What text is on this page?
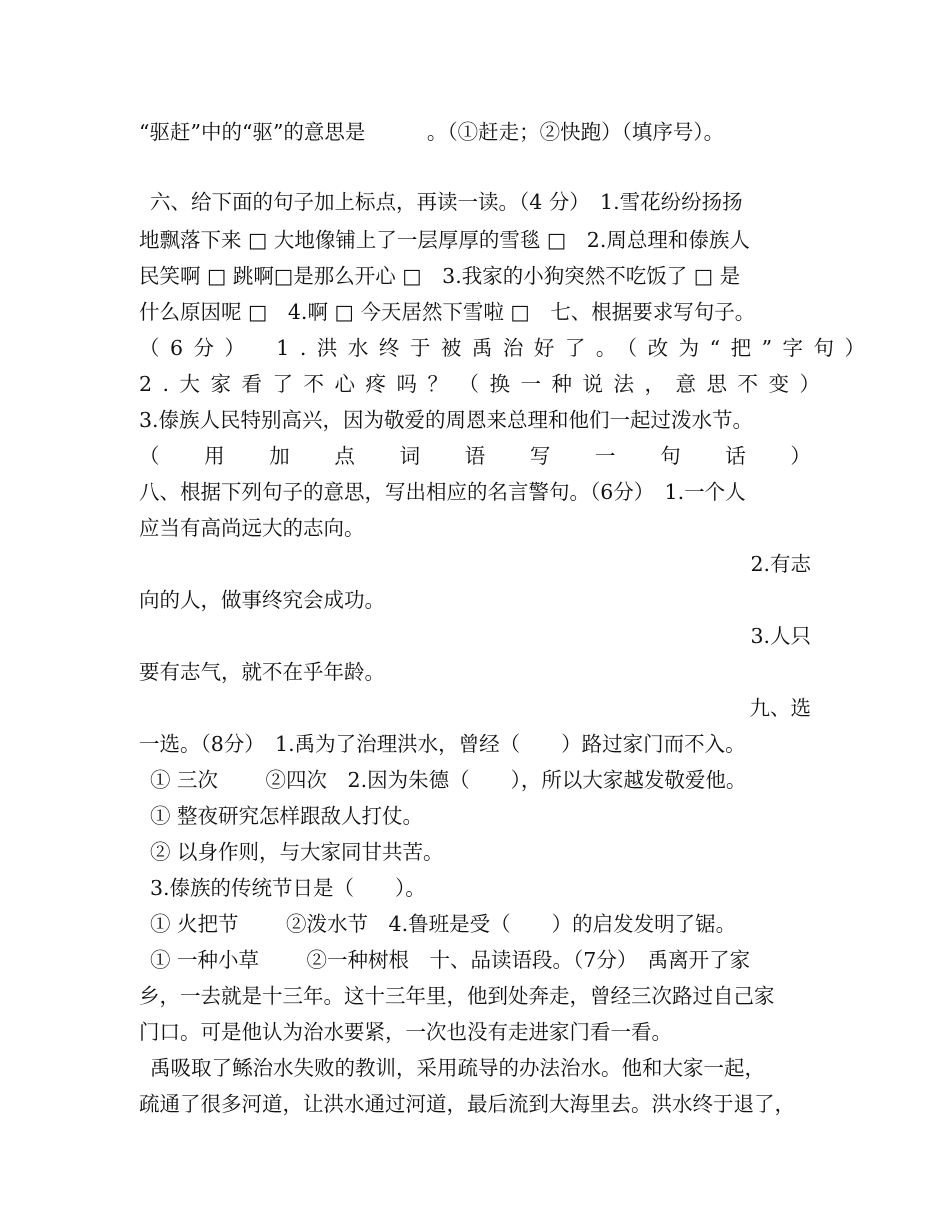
“驱赶”中的“驱”的意思是　　　。（①赶走；②快跑）（填序号）。
六、给下面的句子加上标点，再读一读。（4 分）　1.雪花纷纷扬扬
地飘落下来 □ 大地像铺上了一层厚厚的雪毯 □　2.周总理和傣族人
民笑啊 □ 跳啊□是那么开心 □　3.我家的小狗突然不吃饭了 □ 是
什么原因呢 □　4.啊 □ 今天居然下雪啦 □　七、根据要求写句子。
（6分）　1.洪水终于被禹治好了。（改为“把”字句）
2.大家看了不心疼吗？（换一种说法，意思不变）
3.傣族人民特别高兴，因为敬爱的周恩来总理和他们一起过泼水节。
（ 用 加 点 词 语 写 一 句 话 ）
八、根据下列句子的意思，写出相应的名言警句。（6分）　1.一个人
应当有高尚远大的志向。
2.有志
向的人，做事终究会成功。
3.人只
要有志气，就不在乎年龄。
九、选
一选。（8分）　1.禹为了治理洪水，曾经（　　）路过家门而不入。
① 三次　　 ②四次　2.因为朱德（　　），所以大家越发敬爱他。
① 整夜研究怎样跟敌人打仗。
② 以身作则，与大家同甘共苦。
3.傣族的传统节日是（　　）。
① 火把节　　 ②泼水节　4.鲁班是受（　　）的启发发明了锯。
① 一种小草　　 ②一种树根　十、品读语段。（7分）　禹离开了家
乡，一去就是十三年。这十三年里，他到处奔走，曾经三次路过自己家
门口。可是他认为治水要紧，一次也没有走进家门看一看。
禹吸取了鲧治水失败的教训，采用疏导的办法治水。他和大家一起，
疏通了很多河道，让洪水通过河道，最后流到大海里去。洪水终于退了，
